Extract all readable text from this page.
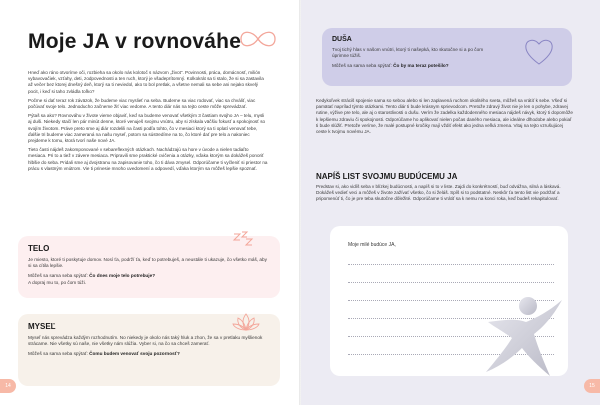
Moje JA v rovnováhe

Hneď ako ráno otvoríme oči, rozbieha sa okolo nás kolotoč s názvom „život“. Povinnosti, práca, domácnosť, milión vybavovačiek, vzťahy, deti, zodpovednosti a ten ruch, ktorý je všadeprítomný. Kolkokrát sa ti stalo, že si sa zastavila až večer bez ktorej dnešný deň, ktorý sa ti neviedol, ako to bol pretlak, a všetne nemali sa sebe ani nejako skvelý pocit, i keď si taho zvládla toľko?

Počme si dať teraz rok záväzok, že budeme viac myslieť na seba. Budeme sa viac rodovať, viac sa chváliť, viac počúvať svoje telo. Jednoducho začneme žiť viac vedome. A tento diár nás na tejto ceste môže sprevádzať.

Pýtaš sa ako? Rovnováhu v živote vieme objaviť, keď sa budeme venovať všetkým 3 častiam svojho JA – telu, mysli aj duši. Niekedy stačí len pár minút denne, ktoré venuješ svojmu vnútru, aby si získala väčšiu fokusť a spokojnosť so svojím životom. Práve preto sme aj diár rozdelili na časti podľa tohto, čo v mesiaci ktorý sa ti oplatí venovať tebe, ďalšie tri budeme viac zameraná na našu myseľ, potom sa sústredíme na to, čo ktoré dať pre telo a nakoniec prejdeme k tomu, ktorá tvorí naše nové JA.

Tieto časti nájdeš zakomponované v sebareflexných otázkach. Nachádzajú sa hore v úvode a nielen tadiaľto mesiaca. Pri to a tiež v závere mesiaca. Pripravili sme praktické cvičenia a otázky, vďaka ktorým sa dokážeš ponoriť hlbšie do seba. Pridali sme aj dvojstranu na zapisovanie toho, čo ti dáva zmysel. Odporúčame ti vyčleniť si priestor na prácu s vlastným vnútrom. Vie ti prinesie mnoho uvedomení a odpovedí, vďaka ktorým sa môžeš lepšie spoznať.

TELO
Je miesto, ktoré ti poskytuje domov. Nosí ťa, podrží ťa, keď to potrebuješ, a neustále ti ukazuje, čo všetko máš, aby si sa cítila lepšie.
Môžeš sa sama seba spýtať: Čo dnes moje telo potrebuje?
A dopraj mu to, po čom túži.
MYSEĽ
Myseľ nás sprevádza každým rozhodnutím. No niekedy je okolo nás taký hluk a zhon, že sa v pretlaku myšlienok strácame. Nie všetky sú naše, nie všetky nám slúžia. Vyber si, na čo sa chceš zamerať.
Môžeš sa sama seba spýtať: Čomu budem venovať svoju pozornosť?
14
DUŠA
Tvoj tichý hlas v našom vnútri, ktorý ti našepká, kto skutočne si a po čom úprimne túžiš.
Môžeš sa sama seba spýtať: Čo by ma teraz potešilo?

Kedykoľvek stráciš spojenie sama so sebou alebo si len zaplavená ruchom okolitého sveta, môžeš sa vrátiť k sebe. Všeď si pamätať naprílad týmto otázkami. Tento diár ti bude krásnym sprievodcom. Pretože zdravý život nie je len o pohybe, zdravej rutine, výžive pre telo, ale aj o starostlivosti o dušu. Verím že zadelka každodenného mesiaca nájdeš návyk, ktorý ti dopomôže k lepšiemu zdraviu či spokojnosti. Odporúčame ho aplikovať nielen počas daného mesiaca, ale ideálne dlhodobe alebo pokiaľ ti bude slúžiť. Pretože veríme, že malé postupné kročiky mají vždiť efekt ako jedna veľká zmena. Vitaj na tejto vzrušujúcej ceste k tvojmu novému JA.

NAPÍŠ LIST SVOJMU BUDÚCEMU JA

Predstav si, ako vidíš seba v blízkej budúcnosti, a napíš si to v liste. Zajdi do konkrétností, buď odvážna, silná a láskavá. Dokážeš vedieť veci a môžeš v živote zažívať všetko, čo si želáš. Spíš si to podstatné. Neskôr ťa tento list vie podržať a pripomenúť ti, čo je pre teba skutočne dôležité. Odporúčame ti vrátiť sa k nemu na konci roka, keď budeš rekapitulovať.

Moje milé budúce JA,
15
